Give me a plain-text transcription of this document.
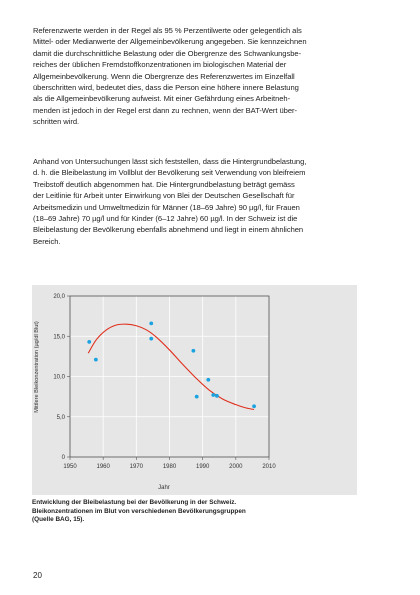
Referenzwerte werden in der Regel als 95 % Perzentilwerte oder gelegentlich als
Mittel- oder Medianwerte der Allgemeinbevölkerung angegeben. Sie kennzeichnen
damit die durchschnittliche Belastung oder die Obergrenze des Schwankungsbe-
reiches der üblichen Fremdstoffkonzentrationen im biologischen Material der
Allgemeinbevölkerung. Wenn die Obergrenze des Referenzwertes im Einzelfall
überschritten wird, bedeutet dies, dass die Person eine höhere innere Belastung
als die Allgemeinbevölkerung aufweist. Mit einer Gefährdung eines Arbeitneh-
menden ist jedoch in der Regel erst dann zu rechnen, wenn der BAT-Wert über-
schritten wird.

Anhand von Untersuchungen lässt sich feststellen, dass die Hintergrundbelastung,
d. h. die Bleibelastung im Vollblut der Bevölkerung seit Verwendung von bleifreiem
Treibstoff deutlich abgenommen hat. Die Hintergrundbelastung beträgt gemäss
der Leitlinie für Arbeit unter Einwirkung von Blei der Deutschen Gesellschaft für
Arbeitsmedizin und Umweltmedizin für Männer (18–69 Jahre) 90 µg/l, für Frauen
(18–69 Jahre) 70 µg/l und für Kinder (6–12 Jahre) 60 µg/l. In der Schweiz ist die
Bleibelastung der Bevölkerung ebenfalls abnehmend und liegt in einem ähnlichen
Bereich.

1950	1960	1970	1980	1990	2000	2010
0
5,0
10,0
15,0
20,0
Mittlere Bleikonzentration (µg/dl Blut)
Jahr

Entwicklung der Bleibelastung bei der Bevölkerung in der Schweiz.
Bleikonzentrationen im Blut von verschiedenen Bevölkerungsgruppen
(Quelle BAG, 15).

20
